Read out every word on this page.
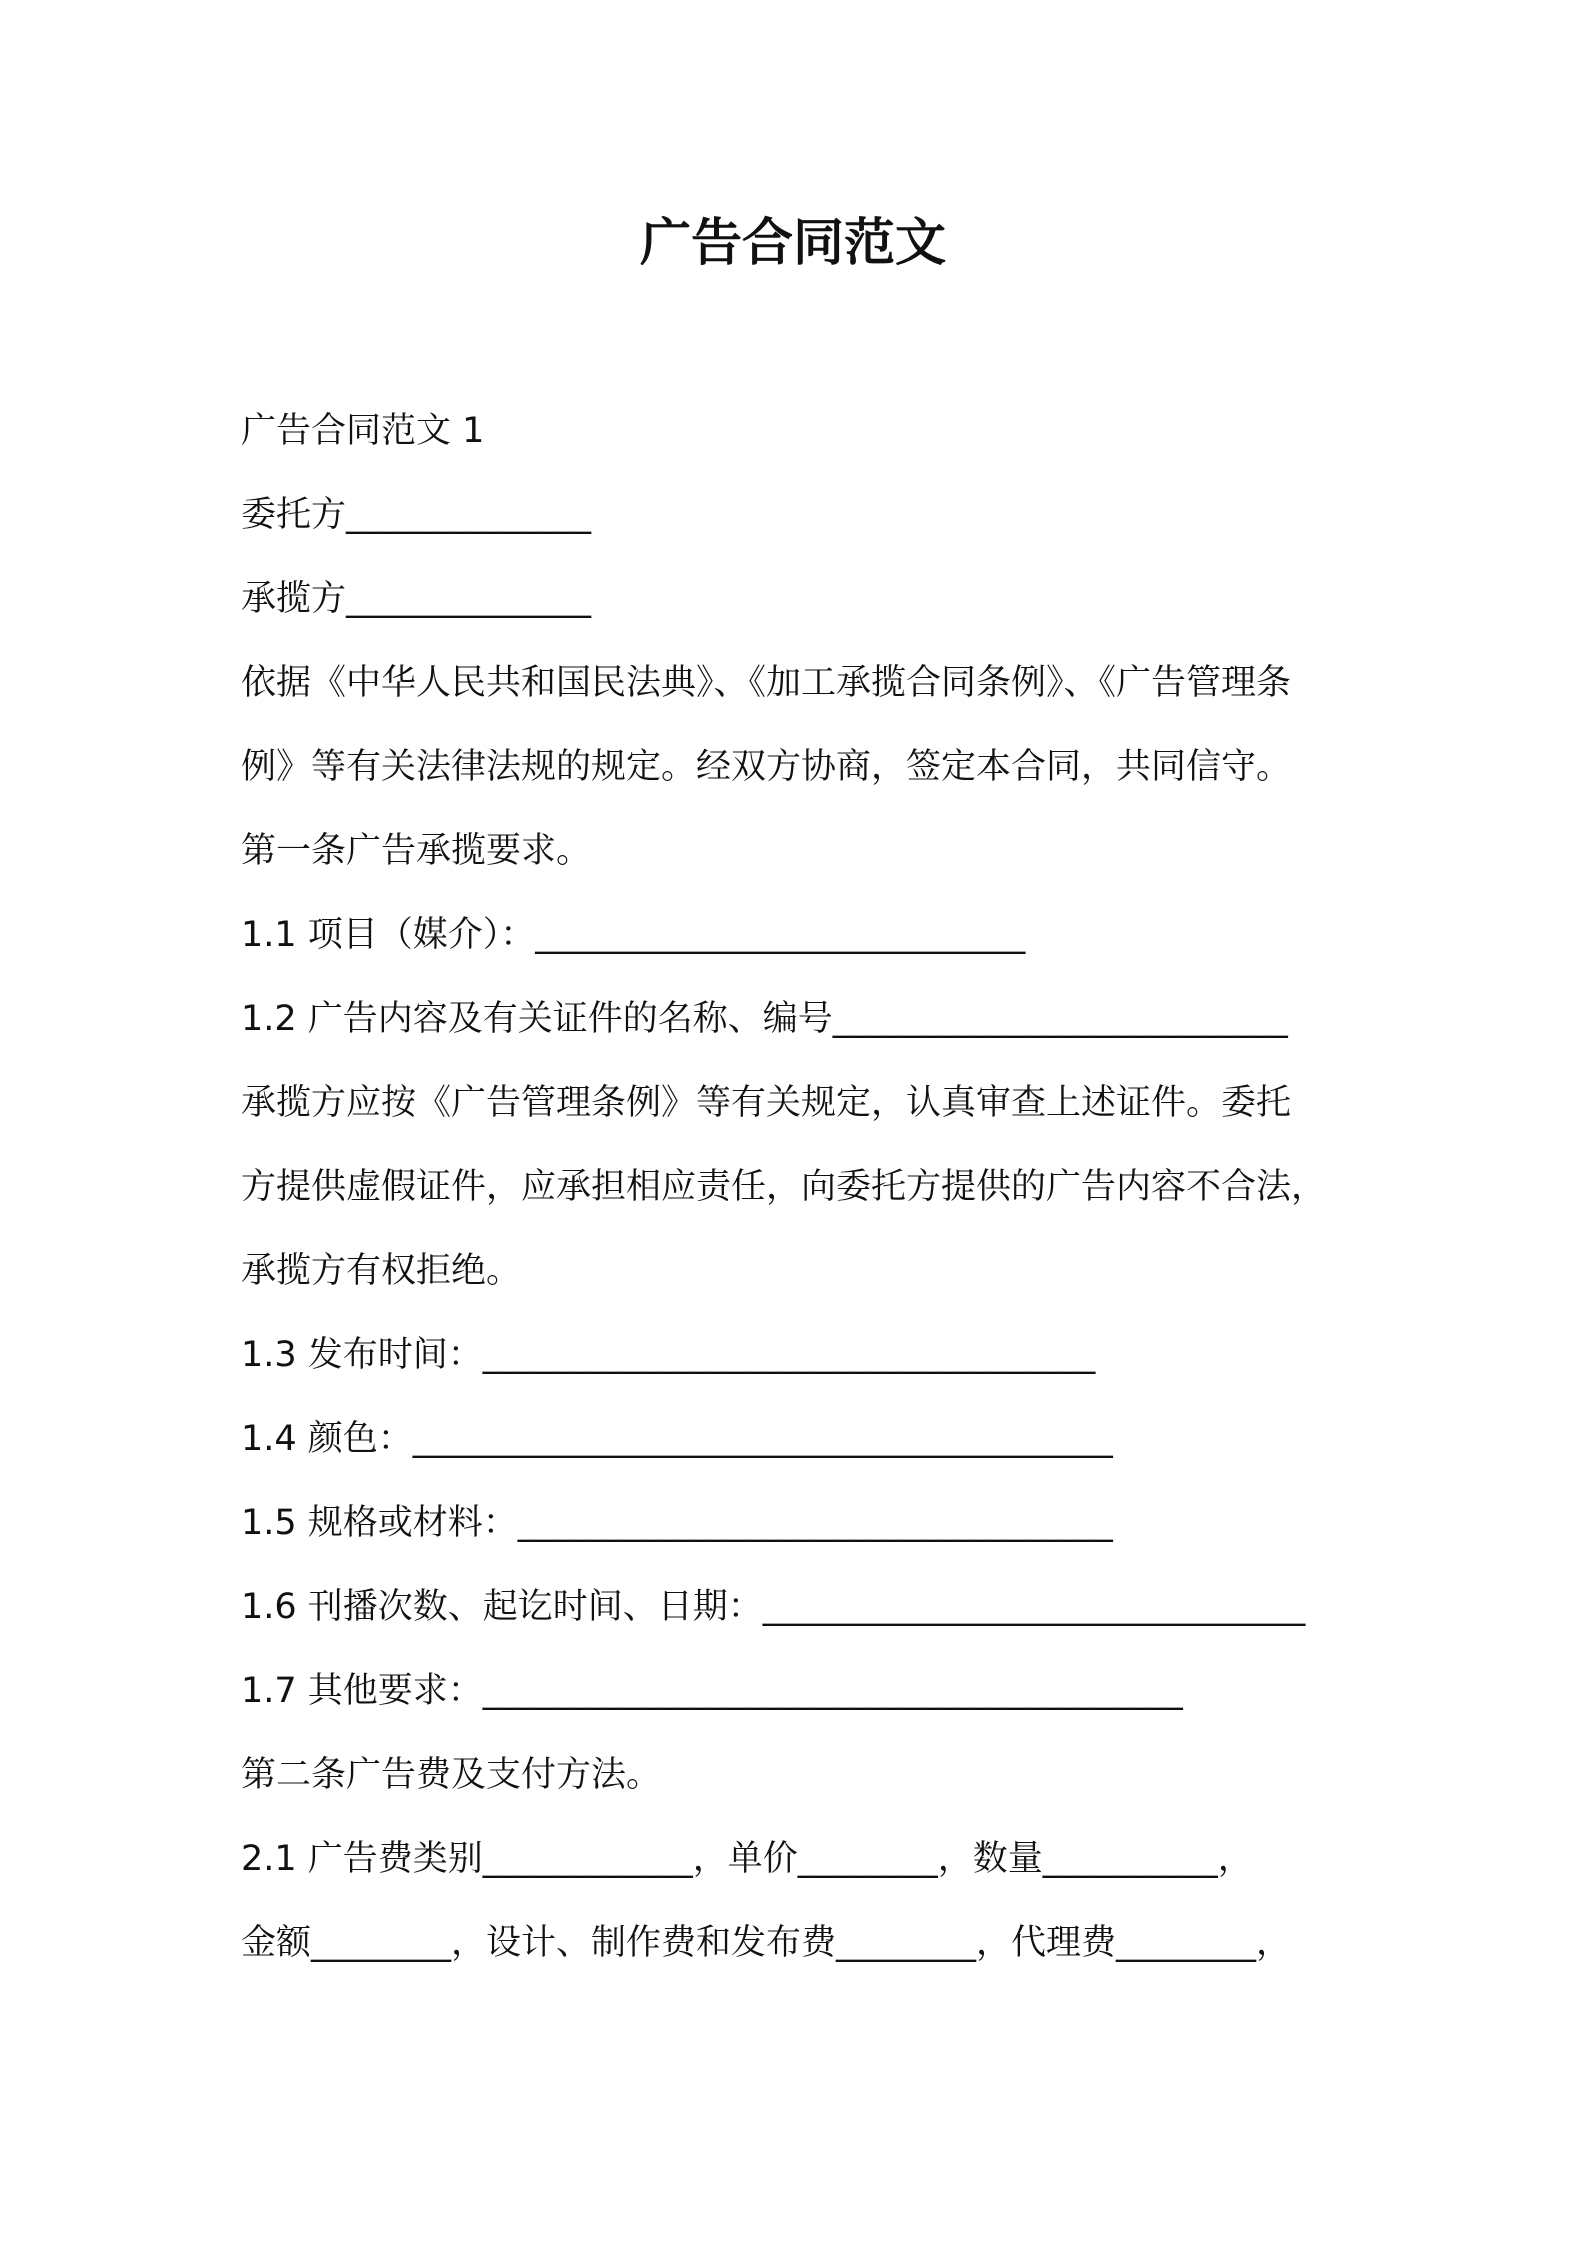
广告合同范文
广告合同范文 1
委托方______________
承揽方______________
依据《中华人民共和国民法典》、《加工承揽合同条例》、《广告管理条
例》等有关法律法规的规定。经双方协商，签定本合同，共同信守。
第一条广告承揽要求。
1.1 项目（媒介）：____________________________
1.2 广告内容及有关证件的名称、编号__________________________
承揽方应按《广告管理条例》等有关规定，认真审查上述证件。委托
方提供虚假证件，应承担相应责任，向委托方提供的广告内容不合法，
承揽方有权拒绝。
1.3 发布时间：___________________________________
1.4 颜色：________________________________________
1.5 规格或材料：__________________________________
1.6 刊播次数、起讫时间、日期：_______________________________
1.7 其他要求：________________________________________
第二条广告费及支付方法。
2.1 广告费类别____________，单价________，数量__________，
金额________，设计、制作费和发布费________，代理费________，
